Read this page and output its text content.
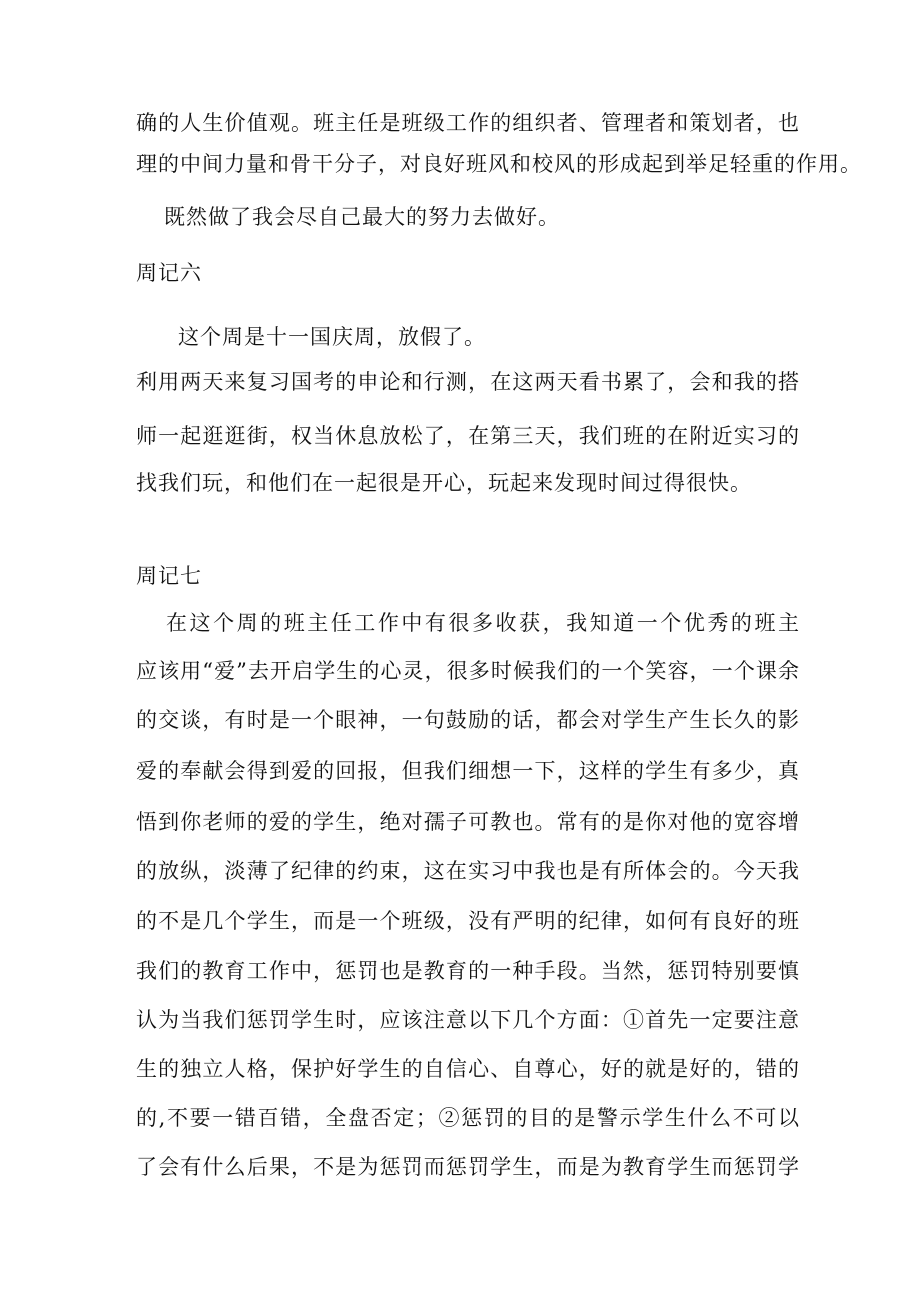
确的人生价值观。班主任是班级工作的组织者、管理者和策划者，也
理的中间力量和骨干分子，对良好班风和校风的形成起到举足轻重的作用。
既然做了我会尽自己最大的努力去做好。
周记六
这个周是十一国庆周，放假了。
利用两天来复习国考的申论和行测，在这两天看书累了，会和我的搭
师一起逛逛街，权当休息放松了，在第三天，我们班的在附近实习的
找我们玩，和他们在一起很是开心，玩起来发现时间过得很快。
周记七
在这个周的班主任工作中有很多收获，我知道一个优秀的班主
应该用“爱”去开启学生的心灵，很多时候我们的一个笑容，一个课余
的交谈，有时是一个眼神，一句鼓励的话，都会对学生产生长久的影
爱的奉献会得到爱的回报，但我们细想一下，这样的学生有多少，真
悟到你老师的爱的学生，绝对孺子可教也。常有的是你对他的宽容增
的放纵，淡薄了纪律的约束，这在实习中我也是有所体会的。今天我
的不是几个学生，而是一个班级，没有严明的纪律，如何有良好的班
我们的教育工作中，惩罚也是教育的一种手段。当然，惩罚特别要慎
认为当我们惩罚学生时，应该注意以下几个方面：①首先一定要注意
生的独立人格，保护好学生的自信心、自尊心，好的就是好的，错的
的,不要一错百错，全盘否定；②惩罚的目的是警示学生什么不可以
了会有什么后果，不是为惩罚而惩罚学生，而是为教育学生而惩罚学
